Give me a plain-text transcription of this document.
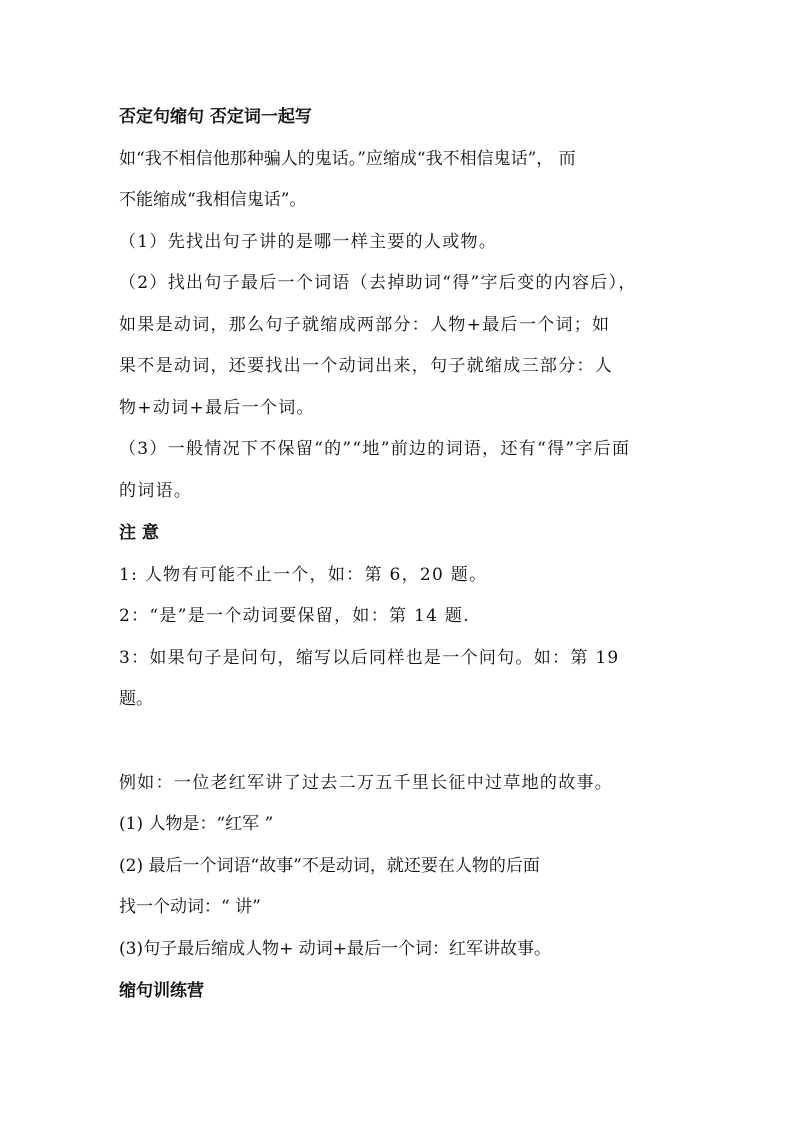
否定句缩句 否定词一起写

如“我不相信他那种骗人的鬼话。”应缩成“我不相信鬼话”， 而

不能缩成“我相信鬼话”。

（1）先找出句子讲的是哪一样主要的人或物。

（2）找出句子最后一个词语（去掉助词“得”字后变的内容后），

如果是动词，那么句子就缩成两部分：人物+最后一个词；如

果不是动词，还要找出一个动词出来，句子就缩成三部分：人

物+动词+最后一个词。

（3）一般情况下不保留“的”“地”前边的词语，还有“得”字后面

的词语。

注 意

1: 人物有可能不止一个，如：第 6，20 题。

2：“是”是一个动词要保留，如：第 14 题.

3：如果句子是问句，缩写以后同样也是一个问句。如：第 19

题。

例如：一位老红军讲了过去二万五千里长征中过草地的故事。

(1) 人物是：“红军 ”

(2) 最后一个词语“故事”不是动词，就还要在人物的后面

找一个动词：“ 讲”

(3)句子最后缩成人物+ 动词+最后一个词：红军讲故事。

缩句训练营
